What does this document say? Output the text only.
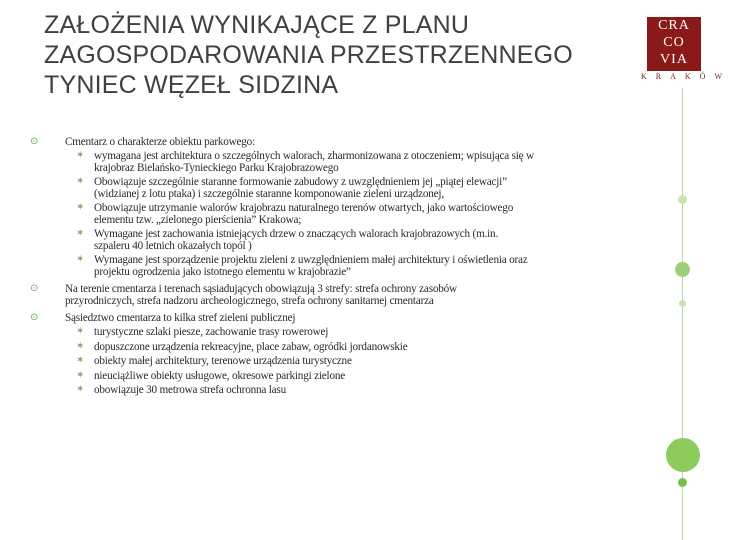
ZAŁOŻENIA WYNIKAJĄCE Z PLANU
ZAGOSPODAROWANIA PRZESTRZENNEGO
TYNIEC WĘZEŁ SIDZINA
CRA
CO
VIA
KRAKÓW
⊙ Cmentarz o charakterze obiektu parkowego:
✶ wymagana jest architektura o szczególnych walorach, zharmonizowana z otoczeniem; wpisująca się w
krajobraz Bielańsko-Tynieckiego Parku Krajobrazowego
✶ Obowiązuje szczególnie staranne formowanie zabudowy z uwzględnieniem jej „piątej elewacji”
(widzianej z lotu ptaka) i szczególnie staranne komponowanie zieleni urządzonej,
✶ Obowiązuje utrzymanie walorów krajobrazu naturalnego terenów otwartych, jako wartościowego
elementu tzw. „zielonego pierścienia” Krakowa;
✶ Wymagane jest zachowania istniejących drzew o znaczących walorach krajobrazowych (m.in.
szpaleru 40 letnich okazałych topól )
✶ Wymagane jest sporządzenie projektu zieleni z uwzględnieniem małej architektury i oświetlenia oraz
projektu ogrodzenia jako istotnego elementu w krajobrazie”
⊙ Na terenie cmentarza i terenach sąsiadujących obowiązują 3 strefy: strefa ochrony zasobów
przyrodniczych, strefa nadzoru archeologicznego, strefa ochrony sanitarnej cmentarza
⊙ Sąsiedztwo cmentarza to kilka stref zieleni publicznej
✶ turystyczne szlaki piesze, zachowanie trasy rowerowej
✶ dopuszczone urządzenia rekreacyjne, place zabaw, ogródki jordanowskie
✶ obiekty małej architektury, terenowe urządzenia turystyczne
✶ nieuciążliwe obiekty usługowe, okresowe parkingi zielone
✶ obowiązuje 30 metrowa strefa ochronna lasu
